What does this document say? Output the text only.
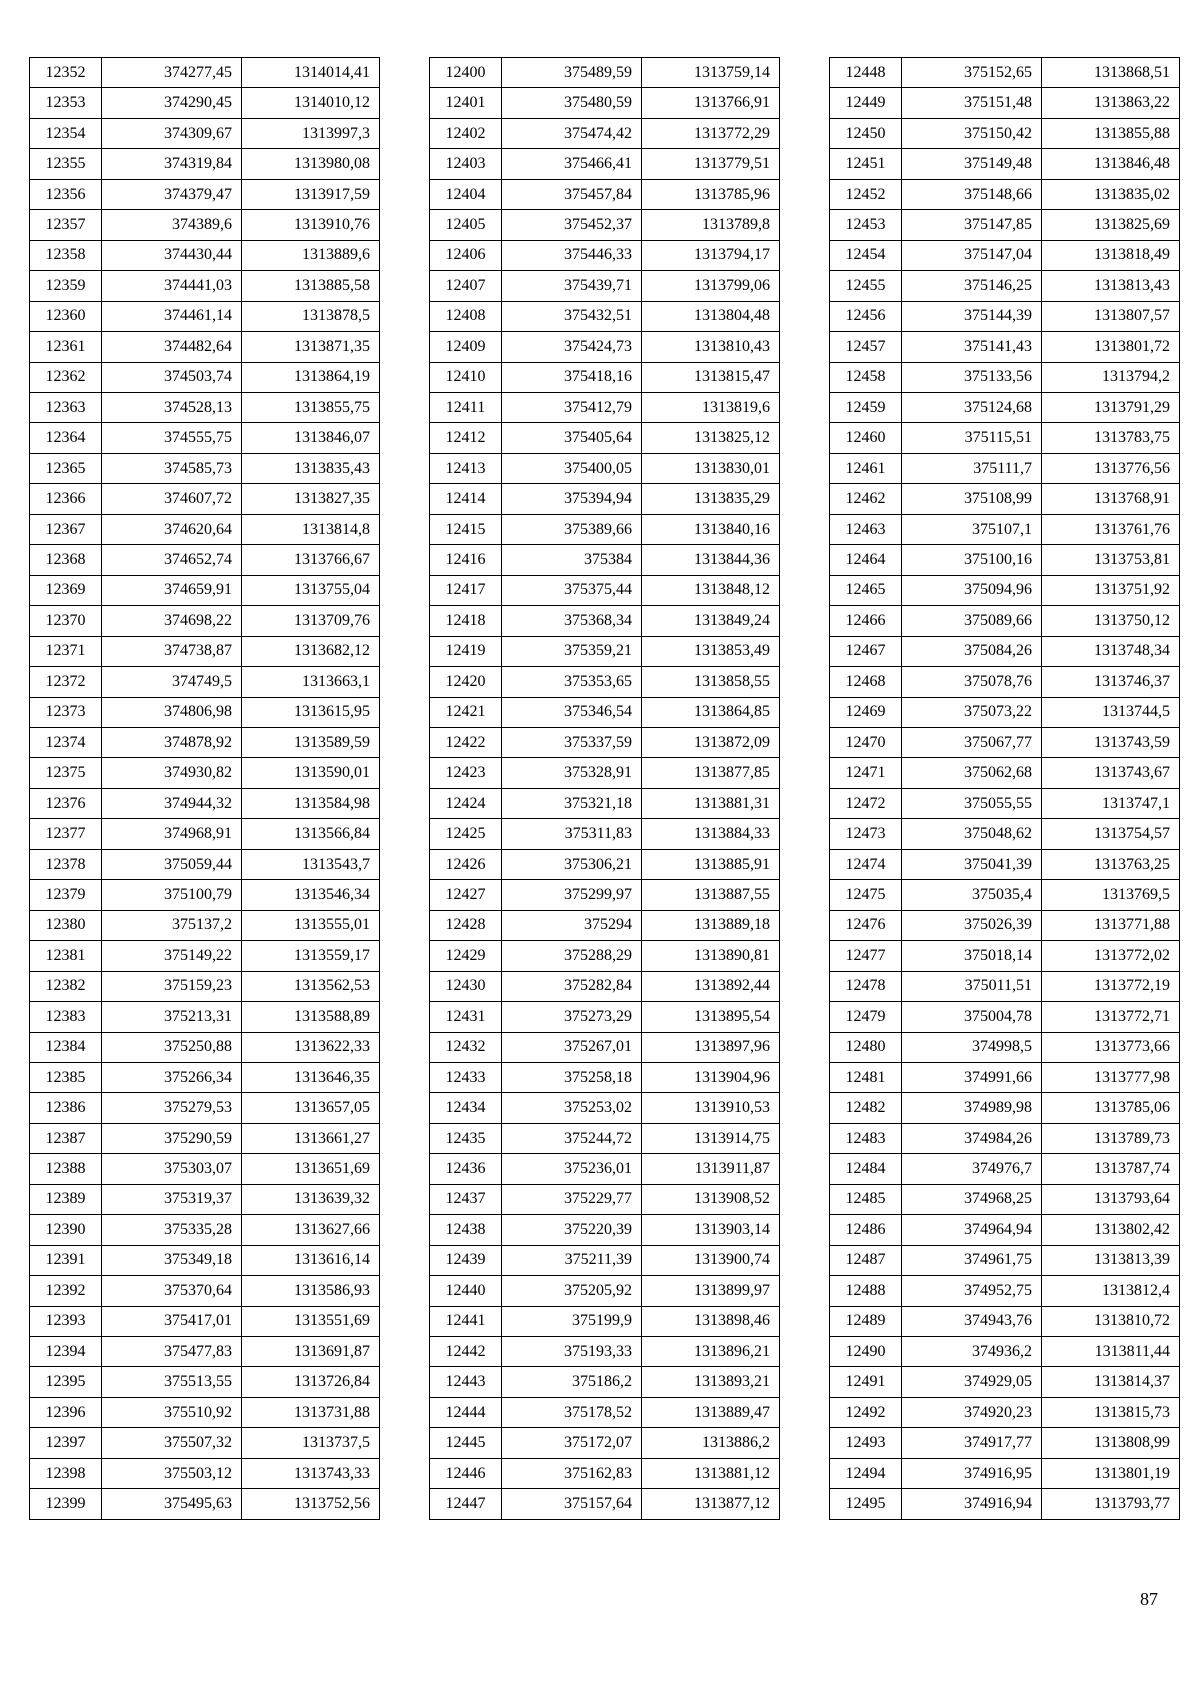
12352	374277,45	1314014,41
12353	374290,45	1314010,12
12354	374309,67	1313997,3
12355	374319,84	1313980,08
12356	374379,47	1313917,59
12357	374389,6	1313910,76
12358	374430,44	1313889,6
12359	374441,03	1313885,58
12360	374461,14	1313878,5
12361	374482,64	1313871,35
12362	374503,74	1313864,19
12363	374528,13	1313855,75
12364	374555,75	1313846,07
12365	374585,73	1313835,43
12366	374607,72	1313827,35
12367	374620,64	1313814,8
12368	374652,74	1313766,67
12369	374659,91	1313755,04
12370	374698,22	1313709,76
12371	374738,87	1313682,12
12372	374749,5	1313663,1
12373	374806,98	1313615,95
12374	374878,92	1313589,59
12375	374930,82	1313590,01
12376	374944,32	1313584,98
12377	374968,91	1313566,84
12378	375059,44	1313543,7
12379	375100,79	1313546,34
12380	375137,2	1313555,01
12381	375149,22	1313559,17
12382	375159,23	1313562,53
12383	375213,31	1313588,89
12384	375250,88	1313622,33
12385	375266,34	1313646,35
12386	375279,53	1313657,05
12387	375290,59	1313661,27
12388	375303,07	1313651,69
12389	375319,37	1313639,32
12390	375335,28	1313627,66
12391	375349,18	1313616,14
12392	375370,64	1313586,93
12393	375417,01	1313551,69
12394	375477,83	1313691,87
12395	375513,55	1313726,84
12396	375510,92	1313731,88
12397	375507,32	1313737,5
12398	375503,12	1313743,33
12399	375495,63	1313752,56
12400	375489,59	1313759,14
12401	375480,59	1313766,91
12402	375474,42	1313772,29
12403	375466,41	1313779,51
12404	375457,84	1313785,96
12405	375452,37	1313789,8
12406	375446,33	1313794,17
12407	375439,71	1313799,06
12408	375432,51	1313804,48
12409	375424,73	1313810,43
12410	375418,16	1313815,47
12411	375412,79	1313819,6
12412	375405,64	1313825,12
12413	375400,05	1313830,01
12414	375394,94	1313835,29
12415	375389,66	1313840,16
12416	375384	1313844,36
12417	375375,44	1313848,12
12418	375368,34	1313849,24
12419	375359,21	1313853,49
12420	375353,65	1313858,55
12421	375346,54	1313864,85
12422	375337,59	1313872,09
12423	375328,91	1313877,85
12424	375321,18	1313881,31
12425	375311,83	1313884,33
12426	375306,21	1313885,91
12427	375299,97	1313887,55
12428	375294	1313889,18
12429	375288,29	1313890,81
12430	375282,84	1313892,44
12431	375273,29	1313895,54
12432	375267,01	1313897,96
12433	375258,18	1313904,96
12434	375253,02	1313910,53
12435	375244,72	1313914,75
12436	375236,01	1313911,87
12437	375229,77	1313908,52
12438	375220,39	1313903,14
12439	375211,39	1313900,74
12440	375205,92	1313899,97
12441	375199,9	1313898,46
12442	375193,33	1313896,21
12443	375186,2	1313893,21
12444	375178,52	1313889,47
12445	375172,07	1313886,2
12446	375162,83	1313881,12
12447	375157,64	1313877,12
12448	375152,65	1313868,51
12449	375151,48	1313863,22
12450	375150,42	1313855,88
12451	375149,48	1313846,48
12452	375148,66	1313835,02
12453	375147,85	1313825,69
12454	375147,04	1313818,49
12455	375146,25	1313813,43
12456	375144,39	1313807,57
12457	375141,43	1313801,72
12458	375133,56	1313794,2
12459	375124,68	1313791,29
12460	375115,51	1313783,75
12461	375111,7	1313776,56
12462	375108,99	1313768,91
12463	375107,1	1313761,76
12464	375100,16	1313753,81
12465	375094,96	1313751,92
12466	375089,66	1313750,12
12467	375084,26	1313748,34
12468	375078,76	1313746,37
12469	375073,22	1313744,5
12470	375067,77	1313743,59
12471	375062,68	1313743,67
12472	375055,55	1313747,1
12473	375048,62	1313754,57
12474	375041,39	1313763,25
12475	375035,4	1313769,5
12476	375026,39	1313771,88
12477	375018,14	1313772,02
12478	375011,51	1313772,19
12479	375004,78	1313772,71
12480	374998,5	1313773,66
12481	374991,66	1313777,98
12482	374989,98	1313785,06
12483	374984,26	1313789,73
12484	374976,7	1313787,74
12485	374968,25	1313793,64
12486	374964,94	1313802,42
12487	374961,75	1313813,39
12488	374952,75	1313812,4
12489	374943,76	1313810,72
12490	374936,2	1313811,44
12491	374929,05	1313814,37
12492	374920,23	1313815,73
12493	374917,77	1313808,99
12494	374916,95	1313801,19
12495	374916,94	1313793,77
87
